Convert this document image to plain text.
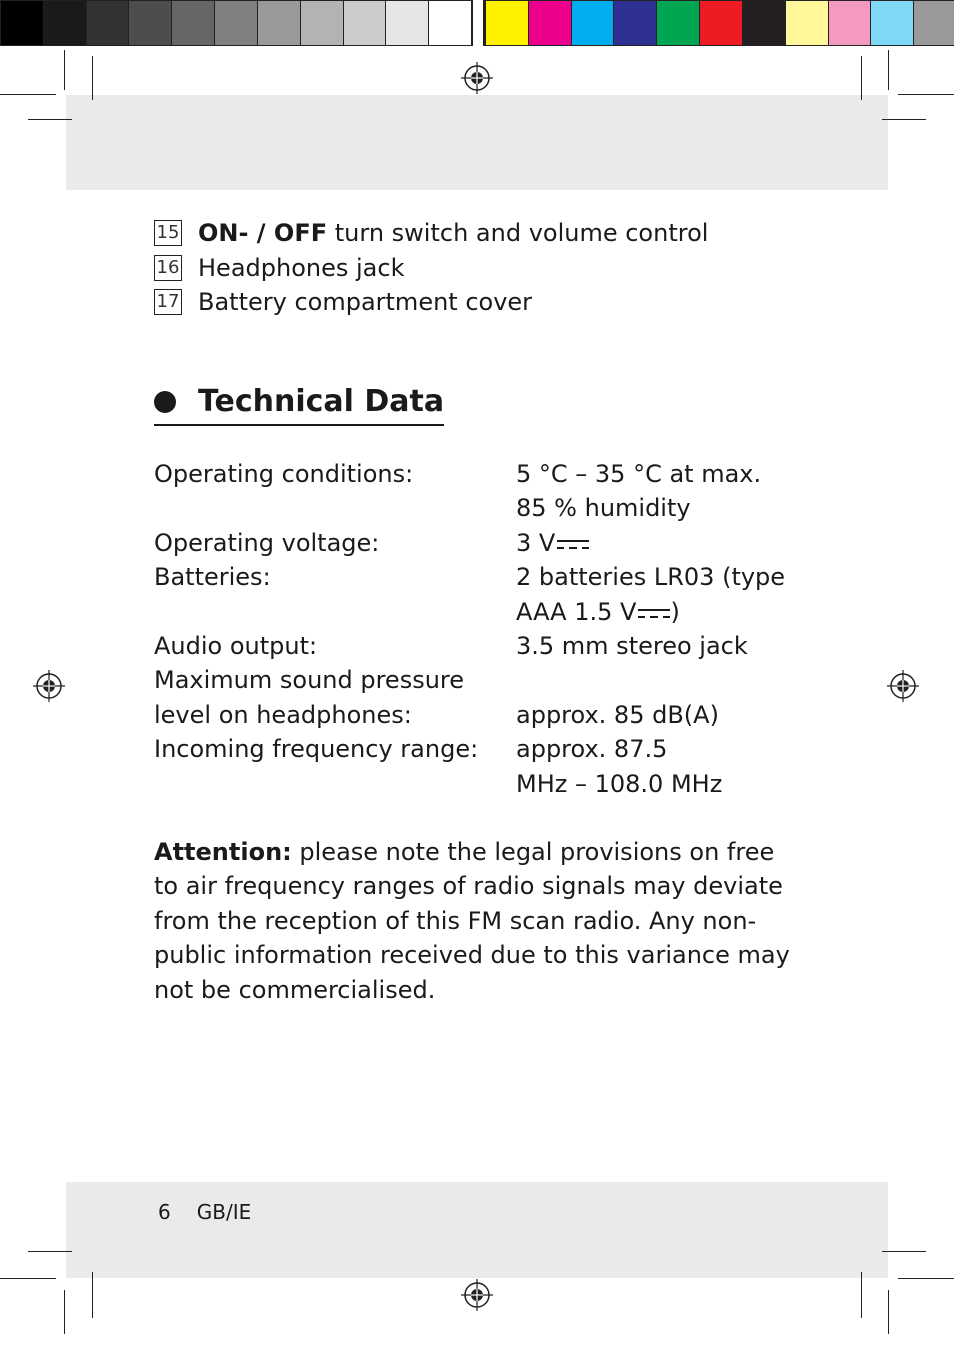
15 ON- / OFF turn switch and volume control
16 Headphones jack
17 Battery compartment cover
Technical Data
Operating conditions:	5 °C – 35 °C at max.
85 % humidity
Operating voltage:	3 V
Batteries:	2 batteries LR03 (type
AAA 1.5 V )
Audio output:	3.5 mm stereo jack
Maximum sound pressure
level on headphones:	approx. 85 dB(A)
Incoming frequency range:	approx. 87.5
MHz – 108.0 MHz

Attention: please note the legal provisions on free to air frequency ranges of radio signals may deviate from the reception of this FM scan radio. Any non-public information received due to this variance may not be commercialised.

6 GB/IE
